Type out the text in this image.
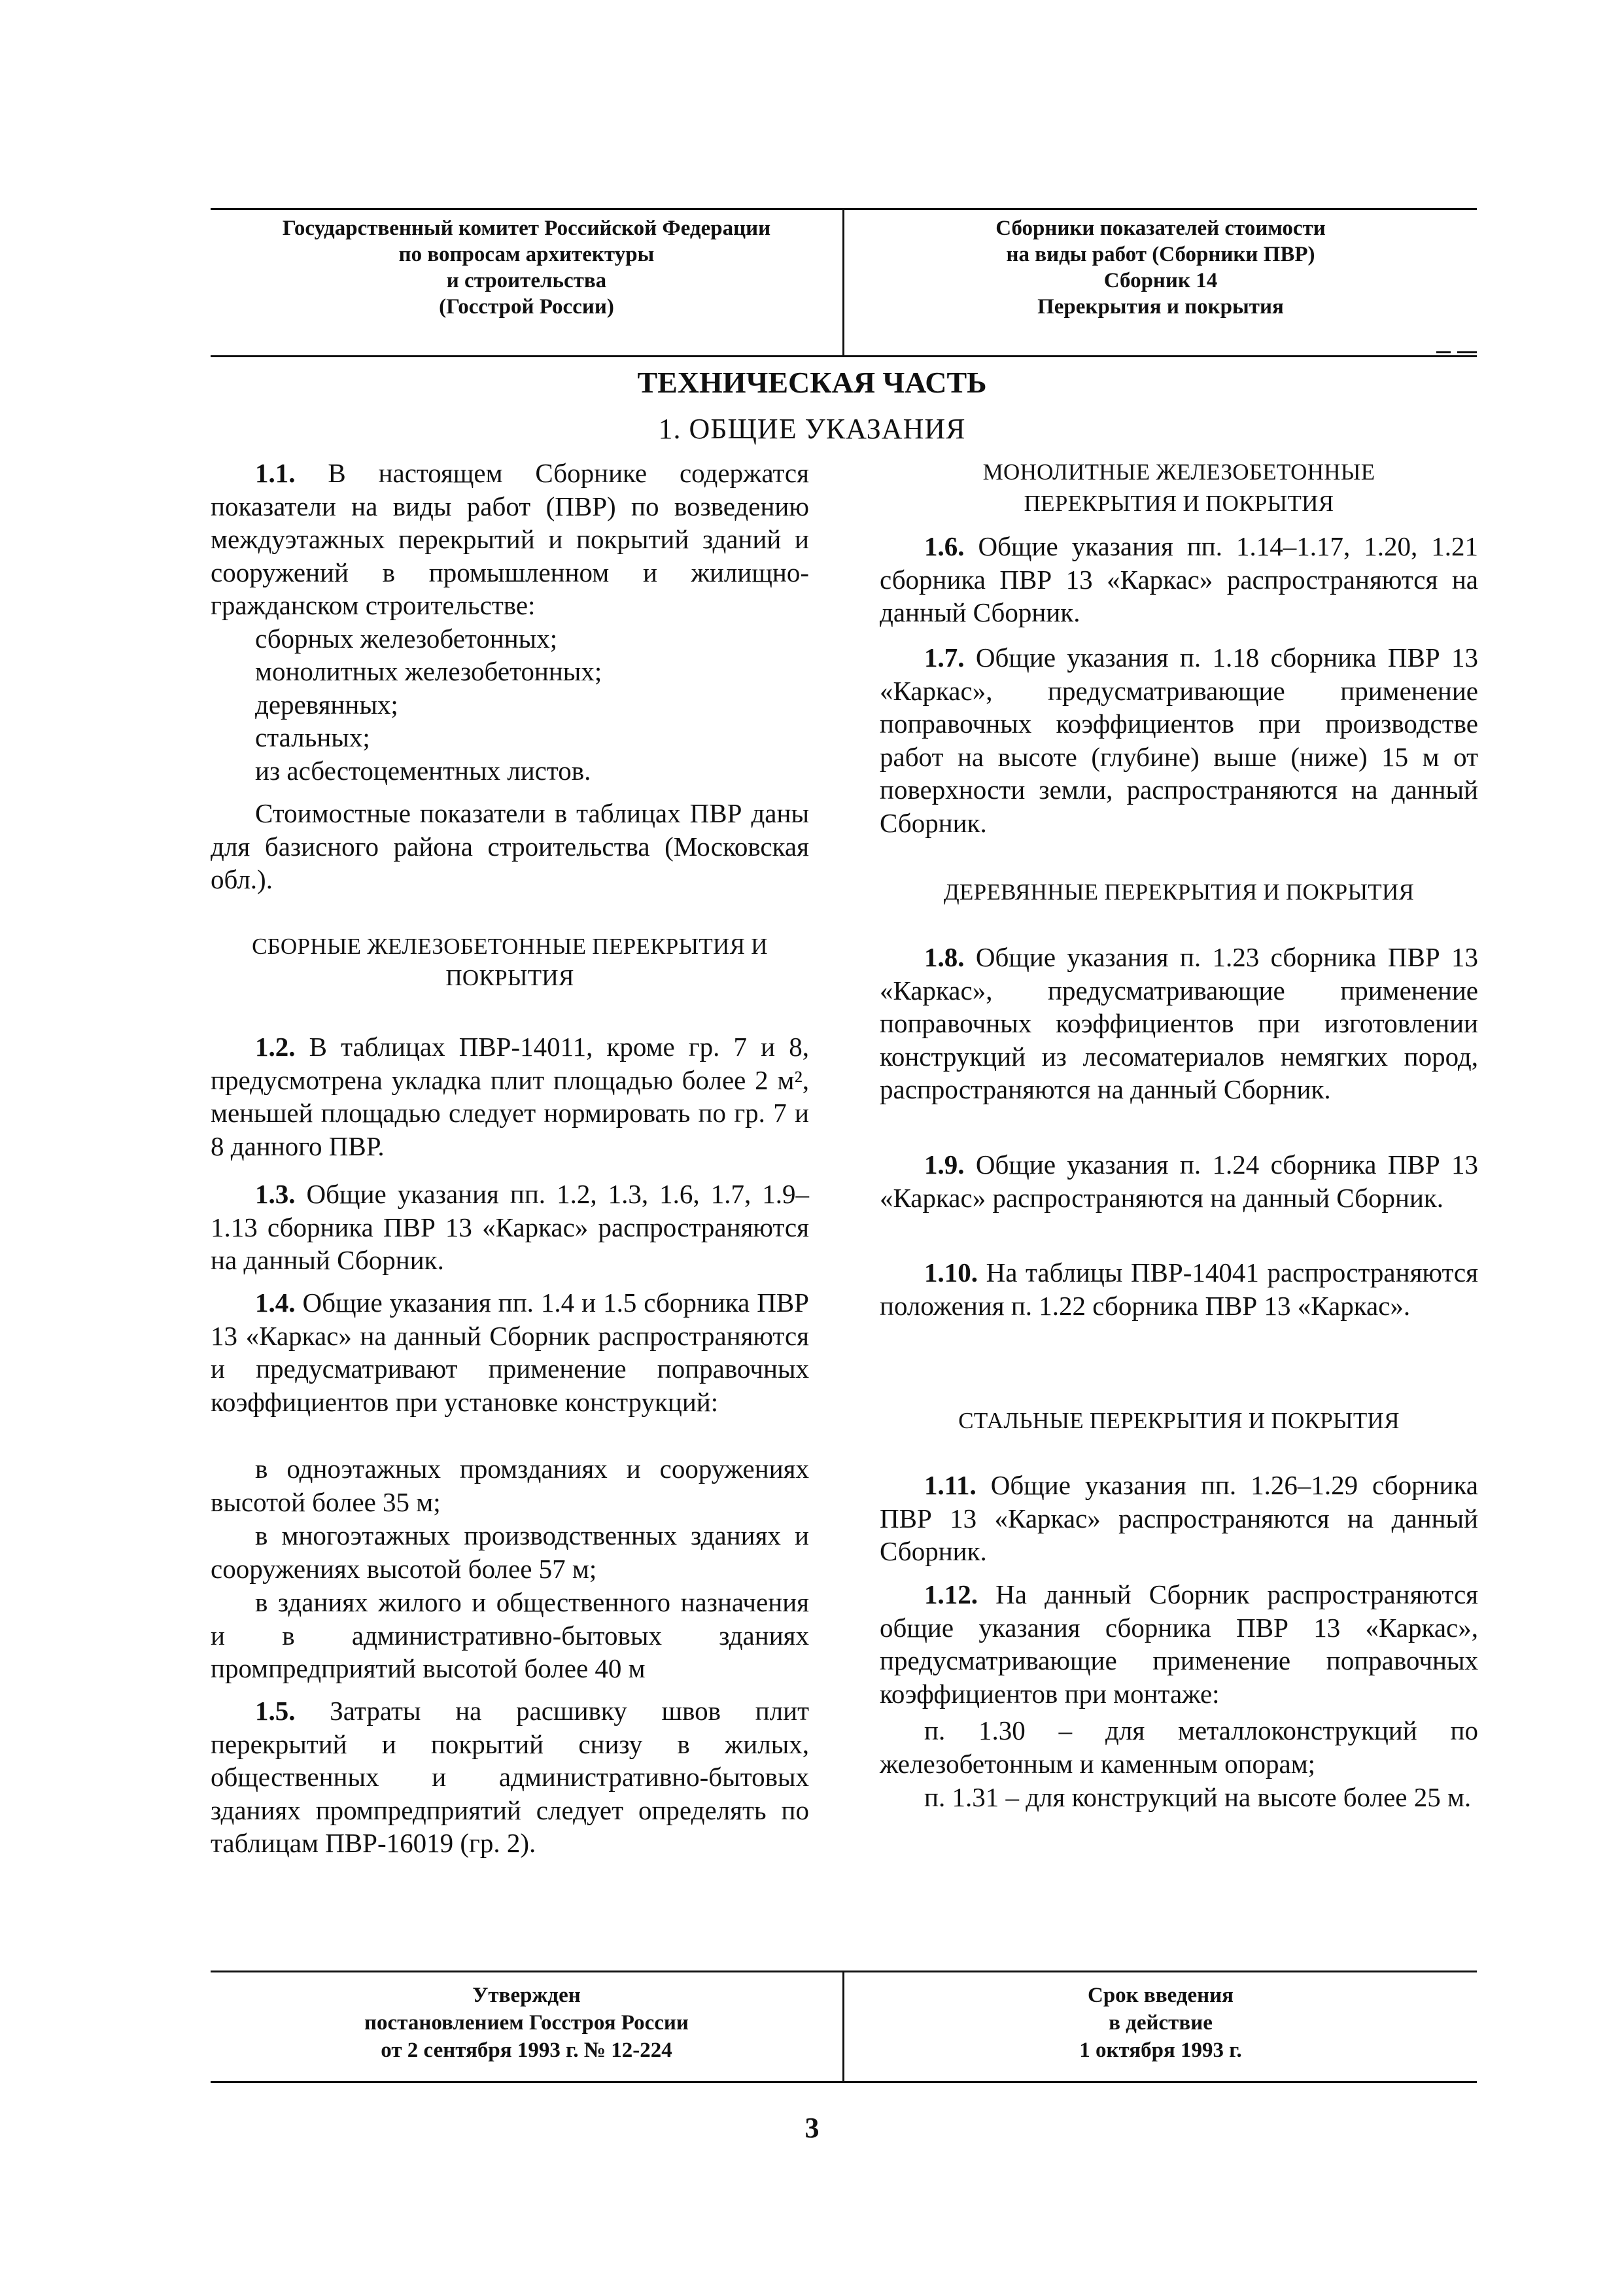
Государственный комитет Российской Федерации
по вопросам архитектуры
и строительства
(Госстрой России)
Сборники показателей стоимости
на виды работ (Сборники ПВР)
Сборник 14
Перекрытия и покрытия
ТЕХНИЧЕСКАЯ ЧАСТЬ
1. ОБЩИЕ УКАЗАНИЯ
1.1. В настоящем Сборнике содержатся показатели на виды работ (ПВР) по возведению междуэтажных перекрытий и покрытий зданий и сооружений в промышленном и жилищно-гражданском строительстве:
сборных железобетонных;
монолитных железобетонных;
деревянных;
стальных;
из асбестоцементных листов.
Стоимостные показатели в таблицах ПВР даны для базисного района строительства (Московская обл.).
СБОРНЫЕ ЖЕЛЕЗОБЕТОННЫЕ ПЕРЕКРЫТИЯ И
ПОКРЫТИЯ
1.2. В таблицах ПВР-14011, кроме гр. 7 и 8, предусмотрена укладка плит площадью более 2 м², меньшей площадью следует нормировать по гр. 7 и 8 данного ПВР.
1.3. Общие указания пп. 1.2, 1.3, 1.6, 1.7, 1.9–1.13 сборника ПВР 13 «Каркас» распространяются на данный Сборник.
1.4. Общие указания пп. 1.4 и 1.5 сборника ПВР 13 «Каркас» на данный Сборник распространяются и предусматривают применение поправочных коэффициентов при установке конструкций:
в одноэтажных промзданиях и сооружениях высотой более 35 м;
в многоэтажных производственных зданиях и сооружениях высотой более 57 м;
в зданиях жилого и общественного назначения и в административно-бытовых зданиях промпредприятий высотой более 40 м
1.5. Затраты на расшивку швов плит перекрытий и покрытий снизу в жилых, общественных и административно-бытовых зданиях промпредприятий следует определять по таблицам ПВР-16019 (гр. 2).
МОНОЛИТНЫЕ ЖЕЛЕЗОБЕТОННЫЕ
ПЕРЕКРЫТИЯ И ПОКРЫТИЯ
1.6. Общие указания пп. 1.14–1.17, 1.20, 1.21 сборника ПВР 13 «Каркас» распространяются на данный Сборник.
1.7. Общие указания п. 1.18 сборника ПВР 13 «Каркас», предусматривающие применение поправочных коэффициентов при производстве работ на высоте (глубине) выше (ниже) 15 м от поверхности земли, распространяются на данный Сборник.
ДЕРЕВЯННЫЕ ПЕРЕКРЫТИЯ И ПОКРЫТИЯ
1.8. Общие указания п. 1.23 сборника ПВР 13 «Каркас», предусматривающие применение поправочных коэффициентов при изготовлении конструкций из лесоматериалов немягких пород, распространяются на данный Сборник.
1.9. Общие указания п. 1.24 сборника ПВР 13 «Каркас» распространяются на данный Сборник.
1.10. На таблицы ПВР-14041 распространяются положения п. 1.22 сборника ПВР 13 «Каркас».
СТАЛЬНЫЕ ПЕРЕКРЫТИЯ И ПОКРЫТИЯ
1.11. Общие указания пп. 1.26–1.29 сборника ПВР 13 «Каркас» распространяются на данный Сборник.
1.12. На данный Сборник распространяются общие указания сборника ПВР 13 «Каркас», предусматривающие применение поправочных коэффициентов при монтаже:
п. 1.30 – для металлоконструкций по железобетонным и каменным опорам;
п. 1.31 – для конструкций на высоте более 25 м.
Утвержден
постановлением Госстроя России
от 2 сентября 1993 г. № 12-224
Срок введения
в действие
1 октября 1993 г.
3
